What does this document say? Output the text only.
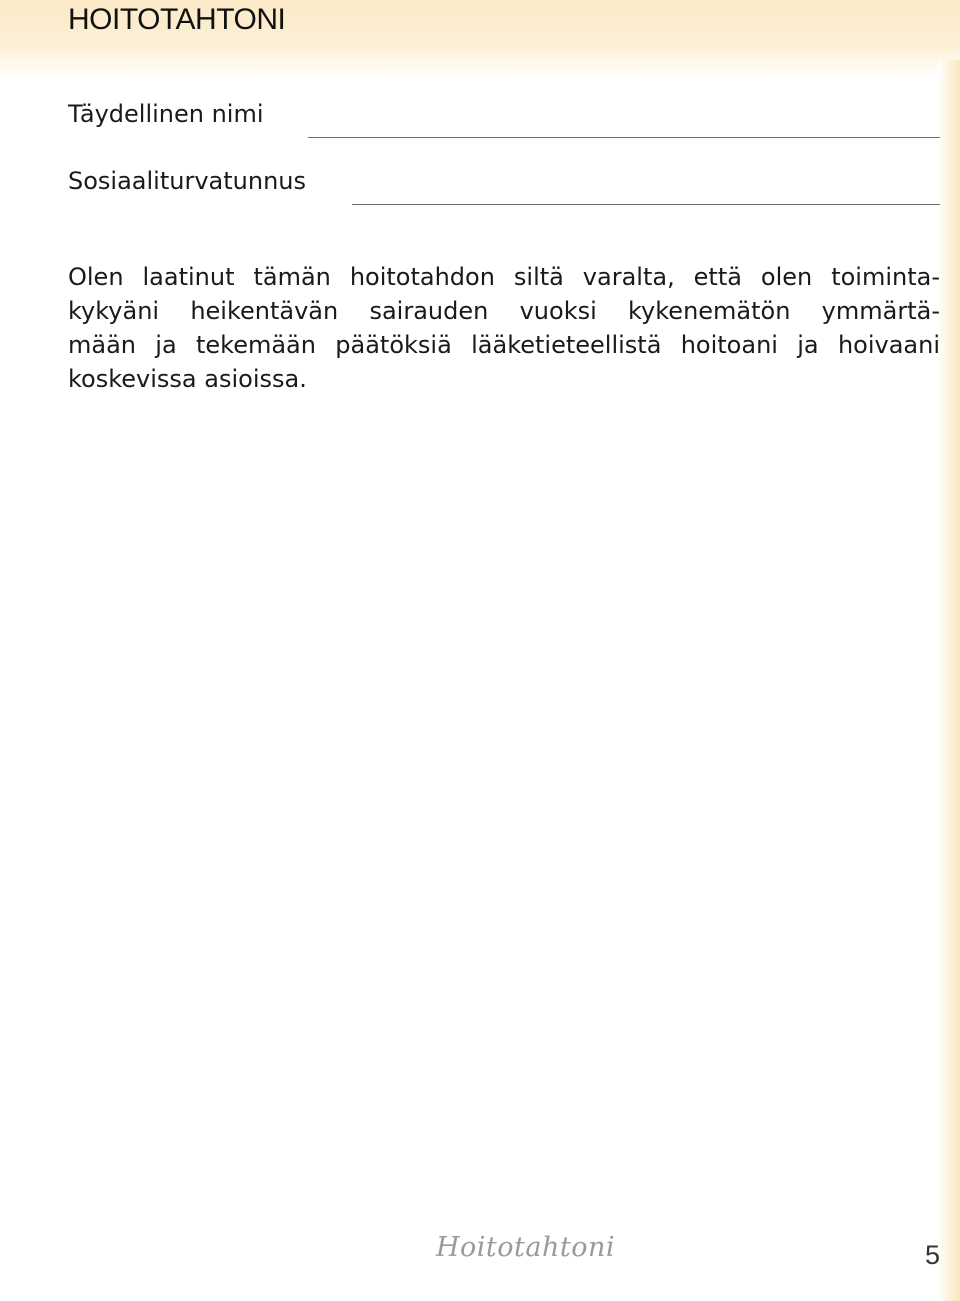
HOITOTAHTONI
Täydellinen nimi
Sosiaaliturvatunnus

Olen laatinut tämän hoitotahdon siltä varalta, että olen toiminta-
kykyäni heikentävän sairauden vuoksi kykenemätön ymmärtä-
mään ja tekemään päätöksiä lääketieteellistä hoitoani ja hoivaani
koskevissa asioissa.

Hoitotahtoni	5
